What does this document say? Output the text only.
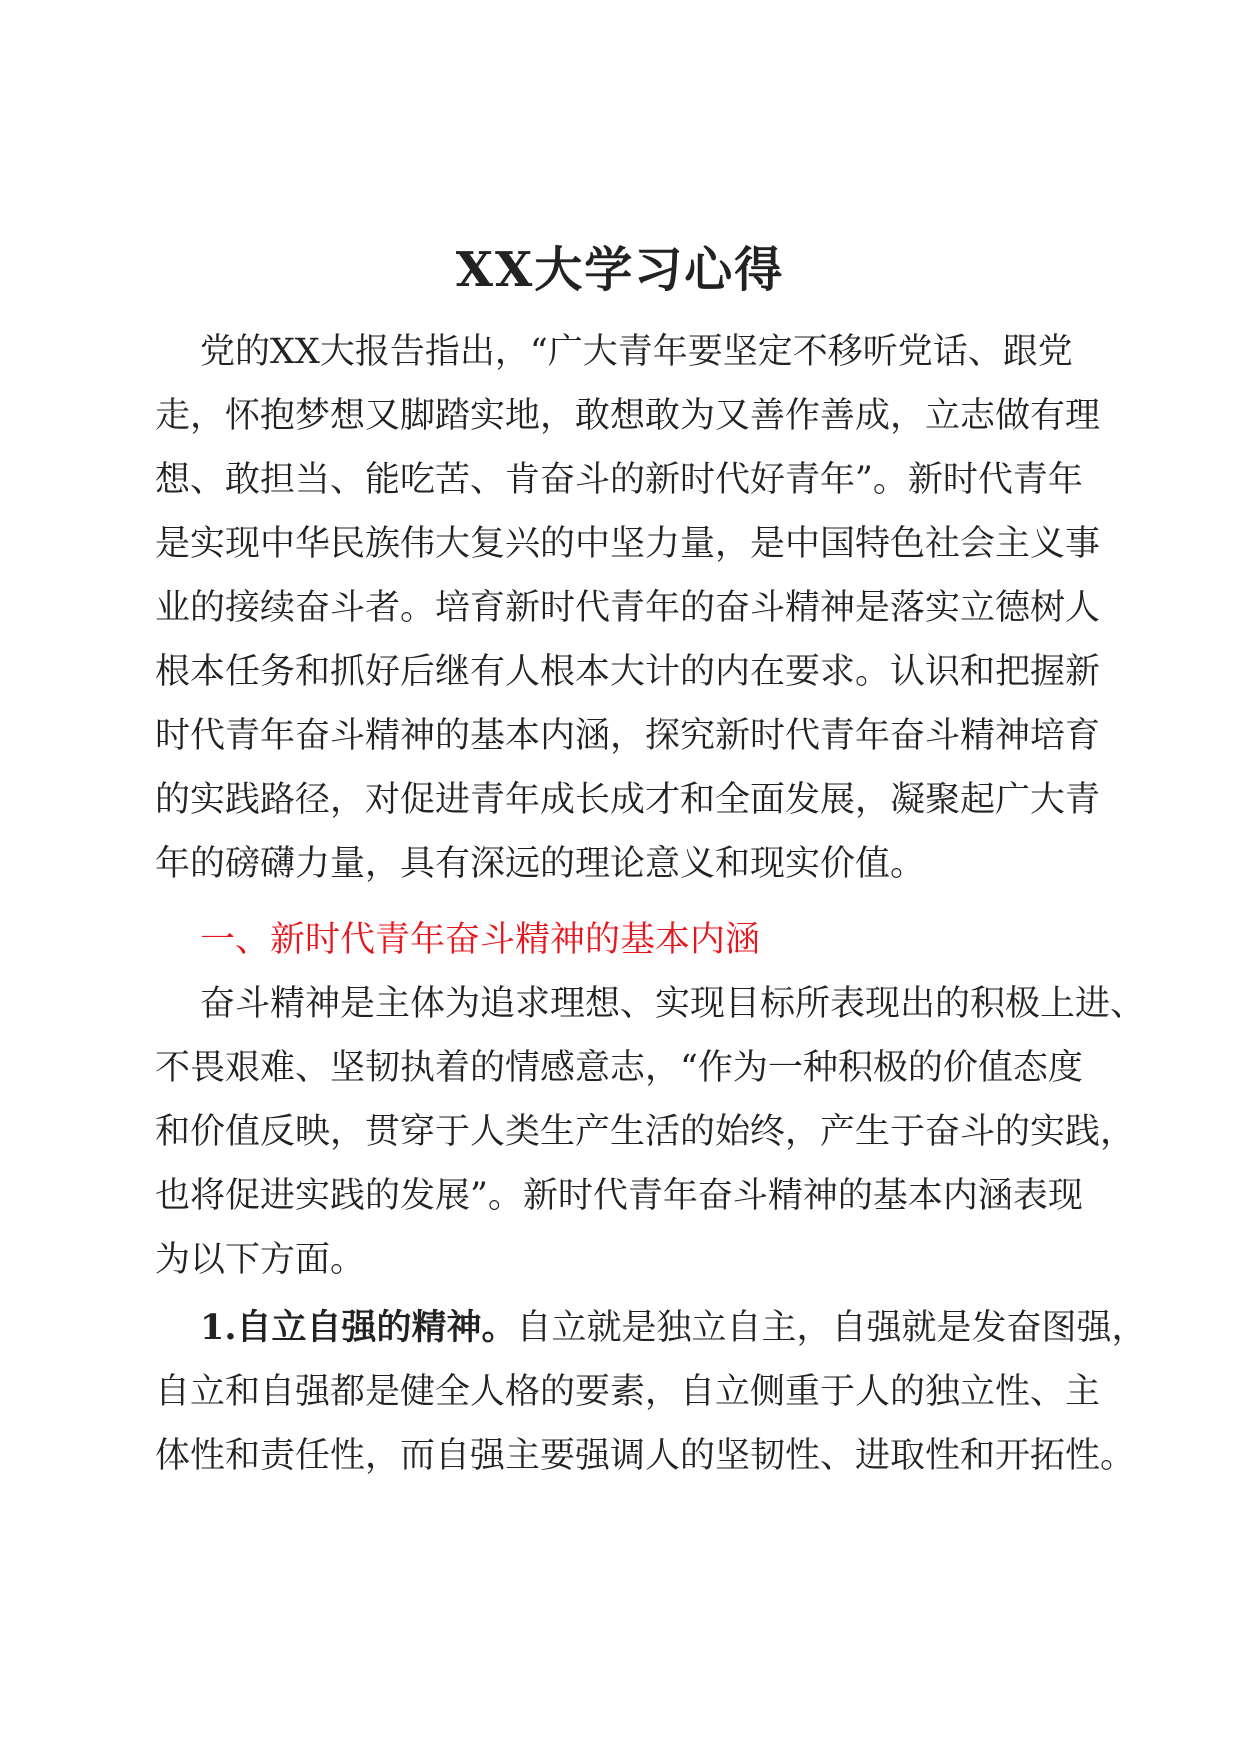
XX大学习心得
党的XX大报告指出，“广大青年要坚定不移听党话、跟党
走，怀抱梦想又脚踏实地，敢想敢为又善作善成，立志做有理
想、敢担当、能吃苦、肯奋斗的新时代好青年”。新时代青年
是实现中华民族伟大复兴的中坚力量，是中国特色社会主义事
业的接续奋斗者。培育新时代青年的奋斗精神是落实立德树人
根本任务和抓好后继有人根本大计的内在要求。认识和把握新
时代青年奋斗精神的基本内涵，探究新时代青年奋斗精神培育
的实践路径，对促进青年成长成才和全面发展，凝聚起广大青
年的磅礴力量，具有深远的理论意义和现实价值。
一、新时代青年奋斗精神的基本内涵
奋斗精神是主体为追求理想、实现目标所表现出的积极上进、
不畏艰难、坚韧执着的情感意志，“作为一种积极的价值态度
和价值反映，贯穿于人类生产生活的始终，产生于奋斗的实践，
也将促进实践的发展”。新时代青年奋斗精神的基本内涵表现
为以下方面。
1.自立自强的精神。自立就是独立自主，自强就是发奋图强，
自立和自强都是健全人格的要素，自立侧重于人的独立性、主
体性和责任性，而自强主要强调人的坚韧性、进取性和开拓性。
